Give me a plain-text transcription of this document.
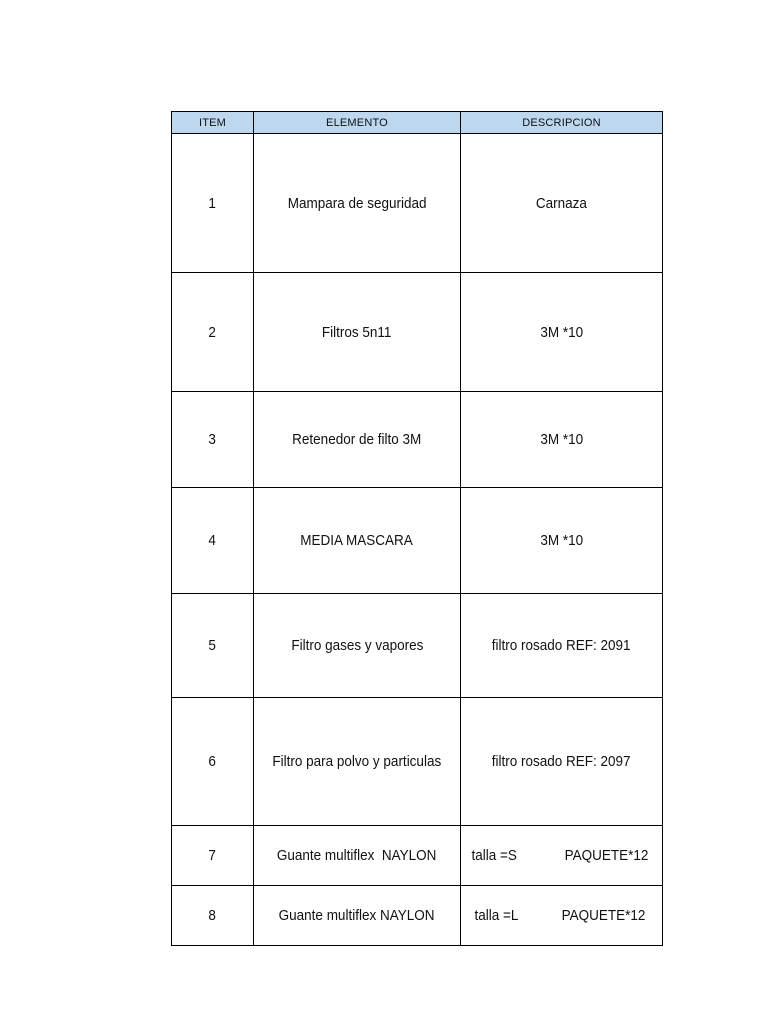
ITEM	ELEMENTO	DESCRIPCION
1	Mampara de seguridad	Carnaza
2	Filtros 5n11	3M *10
3	Retenedor de filto 3M	3M *10
4	MEDIA MASCARA	3M *10
5	Filtro gases y vapores	filtro rosado REF: 2091
6	Filtro para polvo y particulas	filtro rosado REF: 2097
7	Guante multiflex  NAYLON	talla =S PAQUETE*12

8	Guante multiflex NAYLON	talla =L PAQUETE*12
